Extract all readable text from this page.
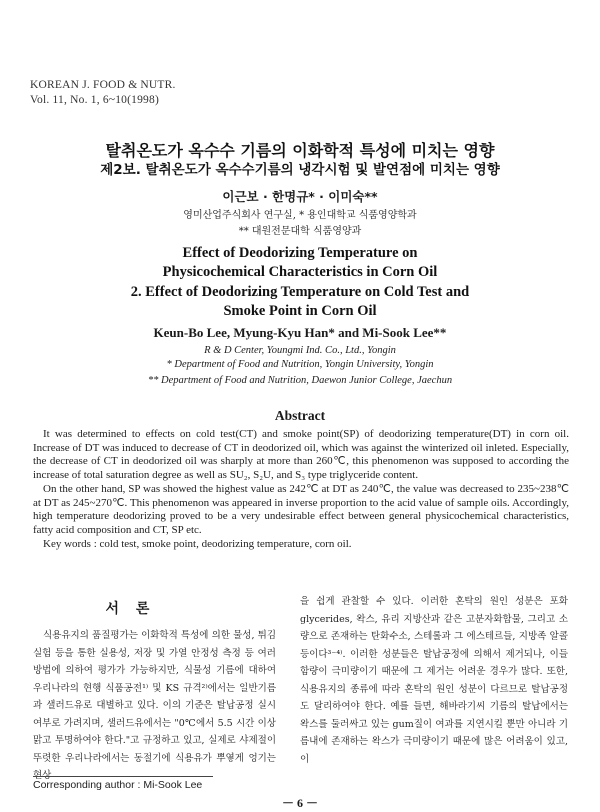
KOREAN J. FOOD & NUTR.
Vol. 11, No. 1, 6~10(1998)
탈취온도가 옥수수 기름의 이화학적 특성에 미치는 영향
제2보. 탈취온도가 옥수수기름의 냉각시험 및 발연점에 미치는 영향
이근보 · 한명규* · 이미숙**
영미산업주식회사 연구실, * 용인대학교 식품영양학과
** 대원전문대학 식품영양과
Effect of Deodorizing Temperature on
Physicochemical Characteristics in Corn Oil
2. Effect of Deodorizing Temperature on Cold Test and
Smoke Point in Corn Oil
Keun-Bo Lee, Myung-Kyu Han* and Mi-Sook Lee**
R & D Center, Youngmi Ind. Co., Ltd., Yongin
* Department of Food and Nutrition, Yongin University, Yongin
** Department of Food and Nutrition, Daewon Junior College, Jaechun
Abstract

It was determined to effects on cold test(CT) and smoke point(SP) of deodorizing temperature(DT) in corn oil. Increase of DT was induced to decrease of CT in deodorized oil, which was against the winterized oil inleted. Especially, the decrease of CT in deodorized oil was sharply at more than 260℃, this phenomenon was supposed to according the increase of total saturation degree as well as SU₂, S₂U, and S₃ type triglyceride content.

On the other hand, SP was showed the highest value as 242℃ at DT as 240℃, the value was decreased to 235~238℃ at DT as 245~270℃. This phenomenon was appeared in inverse proportion to the acid value of sample oils. Accordingly, high temperature deodorizing proved to be a very undesirable effect between general physicochemical characteristics, fatty acid composition and CT, SP etc.

Key words : cold test, smoke point, deodorizing temperature, corn oil.

서 론

식용유지의 품질평가는 이화학적 특성에 의한 물성, 튀김실험 등을 통한 실용성, 저장 및 가열 안정성 측정 등 여러 방법에 의하여 평가가 가능하지만, 식물성 기름에 대하여 우리나라의 현행 식품공전¹⁾ 및 KS 규격²⁾에서는 일반기름과 샐러드유로 대별하고 있다. 이의 기준은 탈납공정 실시 여부로 가려지며, 샐러드유에서는 "0℃에서 5.5 시간 이상 맑고 투명하여야 한다."고 규정하고 있고, 실제로 샤제절이 뚜렷한 우리나라에서는 동절기에 식용유가 뿌옇게 엉기는 현상

을 쉽게 관찰할 수 있다. 이러한 혼탁의 원인 성분은 포화 glycerides, 왁스, 유리 지방산과 같은 고분자화합물, 그리고 소량으로 존재하는 탄화수소, 스테롤과 그 에스테르들, 지방족 알콜 등이다³⁻⁴⁾. 이러한 성분들은 탈납공정에 의해서 제거되나, 이들 함량이 극미량이기 때문에 그 제거는 어려운 경우가 많다. 또한, 식용유지의 종류에 따라 혼탁의 원인 성분이 다르므로 탈납공정도 달리하여야 한다. 예를 들면, 해바라기씨 기름의 탈납에서는 왁스를 둘러싸고 있는 gum질이 여과를 지연시킬 뿐만 아니라 기름내에 존재하는 왁스가 극미량이기 때문에 많은 어려움이 있고, 이

Corresponding author : Mi-Sook Lee
－ 6 －
